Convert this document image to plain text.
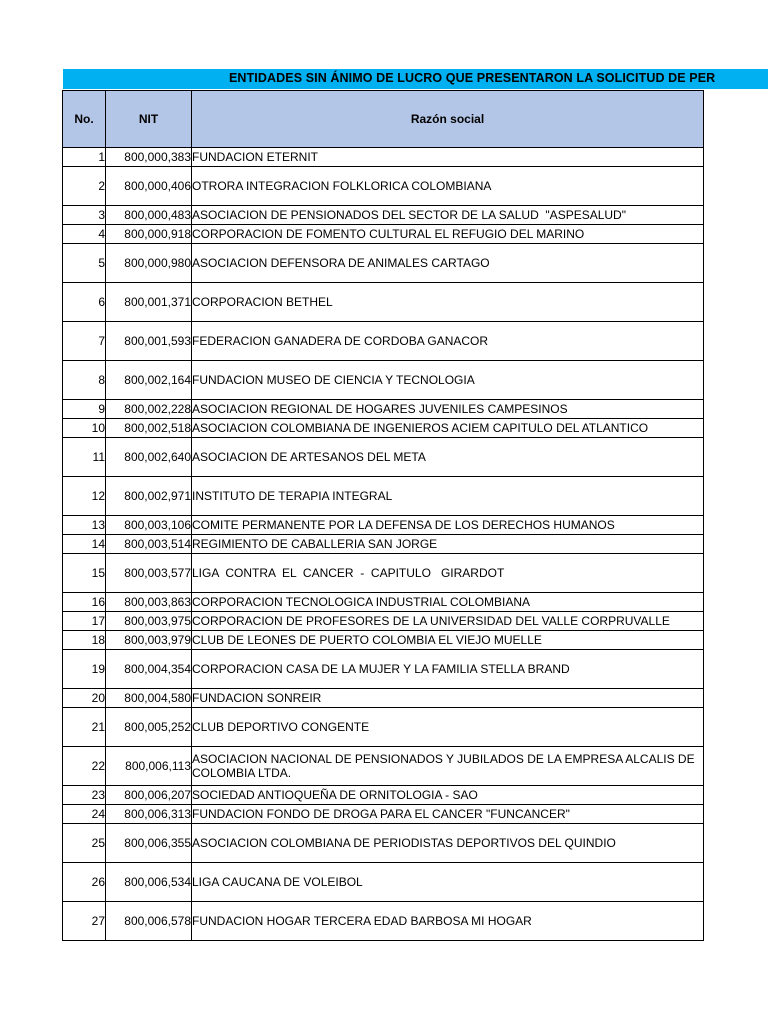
ENTIDADES SIN ÁNIMO DE LUCRO QUE PRESENTARON LA SOLICITUD DE PER
No.	NIT	Razón social
1	800,000,383	FUNDACION ETERNIT
2	800,000,406	OTRORA INTEGRACION FOLKLORICA COLOMBIANA
3	800,000,483	ASOCIACION DE PENSIONADOS DEL SECTOR DE LA SALUD  "ASPESALUD"
4	800,000,918	CORPORACION DE FOMENTO CULTURAL EL REFUGIO DEL MARINO
5	800,000,980	ASOCIACION DEFENSORA DE ANIMALES CARTAGO
6	800,001,371	CORPORACION BETHEL
7	800,001,593	FEDERACION GANADERA DE CORDOBA GANACOR
8	800,002,164	FUNDACION MUSEO DE CIENCIA Y TECNOLOGIA
9	800,002,228	ASOCIACION REGIONAL DE HOGARES JUVENILES CAMPESINOS
10	800,002,518	ASOCIACION COLOMBIANA DE INGENIEROS ACIEM CAPITULO DEL ATLANTICO
11	800,002,640	ASOCIACION DE ARTESANOS DEL META
12	800,002,971	INSTITUTO DE TERAPIA INTEGRAL
13	800,003,106	COMITE PERMANENTE POR LA DEFENSA DE LOS DERECHOS HUMANOS
14	800,003,514	REGIMIENTO DE CABALLERIA SAN JORGE
15	800,003,577	LIGA  CONTRA  EL  CANCER  -  CAPITULO   GIRARDOT
16	800,003,863	CORPORACION TECNOLOGICA INDUSTRIAL COLOMBIANA
17	800,003,975	CORPORACION DE PROFESORES DE LA UNIVERSIDAD DEL VALLE CORPRUVALLE
18	800,003,979	CLUB DE LEONES DE PUERTO COLOMBIA EL VIEJO MUELLE
19	800,004,354	CORPORACION CASA DE LA MUJER Y LA FAMILIA STELLA BRAND
20	800,004,580	FUNDACION SONREIR
21	800,005,252	CLUB DEPORTIVO CONGENTE
22	800,006,113	ASOCIACION NACIONAL DE PENSIONADOS Y JUBILADOS DE LA EMPRESA ALCALIS DE COLOMBIA LTDA.
23	800,006,207	SOCIEDAD ANTIOQUEÑA DE ORNITOLOGIA - SAO
24	800,006,313	FUNDACION FONDO DE DROGA PARA EL CANCER "FUNCANCER"
25	800,006,355	ASOCIACION COLOMBIANA DE PERIODISTAS DEPORTIVOS DEL QUINDIO
26	800,006,534	LIGA CAUCANA DE VOLEIBOL
27	800,006,578	FUNDACION HOGAR TERCERA EDAD BARBOSA MI HOGAR
